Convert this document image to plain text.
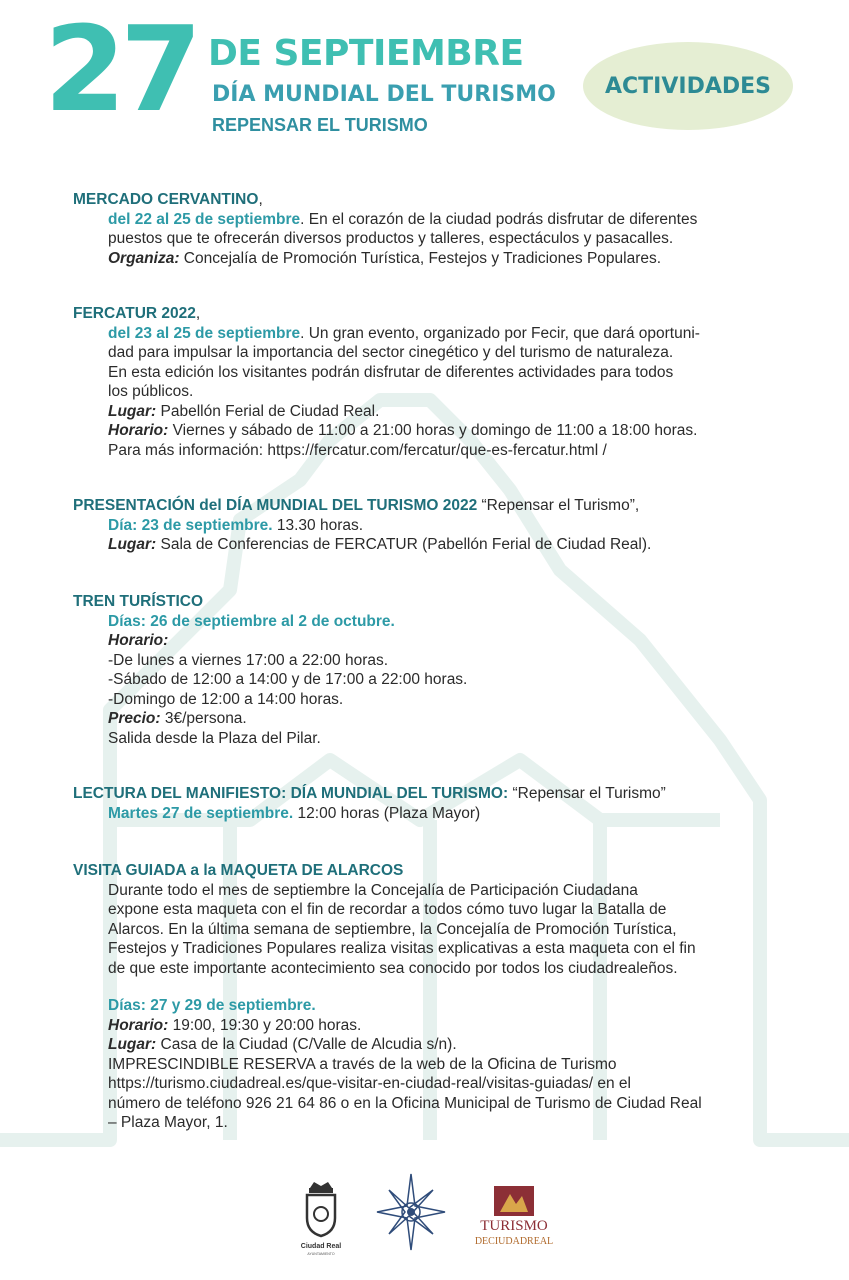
27 DE SEPTIEMBRE
DÍA MUNDIAL DEL TURISMO
REPENSAR EL TURISMO
ACTIVIDADES
MERCADO CERVANTINO,
del 22 al 25 de septiembre. En el corazón de la ciudad podrás disfrutar de diferentes
puestos que te ofrecerán diversos productos y talleres, espectáculos y pasacalles.
Organiza: Concejalía de Promoción Turística, Festejos y Tradiciones Populares.
FERCATUR 2022,
del 23 al 25 de septiembre. Un gran evento, organizado por Fecir, que dará oportuni-
dad para impulsar la importancia del sector cinegético y del turismo de naturaleza.
En esta edición los visitantes podrán disfrutar de diferentes actividades para todos
los públicos.
Lugar: Pabellón Ferial de Ciudad Real.
Horario: Viernes y sábado de 11:00 a 21:00 horas y domingo de 11:00 a 18:00 horas.
Para más información: https://fercatur.com/fercatur/que-es-fercatur.html /
PRESENTACIÓN del DÍA MUNDIAL DEL TURISMO 2022 “Repensar el Turismo”,
Día: 23 de septiembre. 13.30 horas.
Lugar: Sala de Conferencias de FERCATUR (Pabellón Ferial de Ciudad Real).
TREN TURÍSTICO
Días: 26 de septiembre al 2 de octubre.
Horario:
-De lunes a viernes 17:00 a 22:00 horas.
-Sábado de 12:00 a 14:00 y de 17:00 a 22:00 horas.
-Domingo de 12:00 a 14:00 horas.
Precio: 3€/persona.
Salida desde la Plaza del Pilar.
LECTURA DEL MANIFIESTO: DÍA MUNDIAL DEL TURISMO: “Repensar el Turismo”
Martes 27 de septiembre. 12:00 horas (Plaza Mayor)
VISITA GUIADA a la MAQUETA DE ALARCOS
Durante todo el mes de septiembre la Concejalía de Participación Ciudadana
expone esta maqueta con el fin de recordar a todos cómo tuvo lugar la Batalla de
Alarcos. En la última semana de septiembre, la Concejalía de Promoción Turística,
Festejos y Tradiciones Populares realiza visitas explicativas a esta maqueta con el fin
de que este importante acontecimiento sea conocido por todos los ciudadrealeños.
Días: 27 y 29 de septiembre.
Horario: 19:00, 19:30 y 20:00 horas.
Lugar: Casa de la Ciudad (C/Valle de Alcudia s/n).
IMPRESCINDIBLE RESERVA a través de la web de la Oficina de Turismo
https://turismo.ciudadreal.es/que-visitar-en-ciudad-real/visitas-guiadas/ en el
número de teléfono 926 21 64 86 o en la Oficina Municipal de Turismo de Ciudad Real
– Plaza Mayor, 1.
Ciudad Real
AYUNTAMIENTO
TURISMO
DECIUDADREAL
